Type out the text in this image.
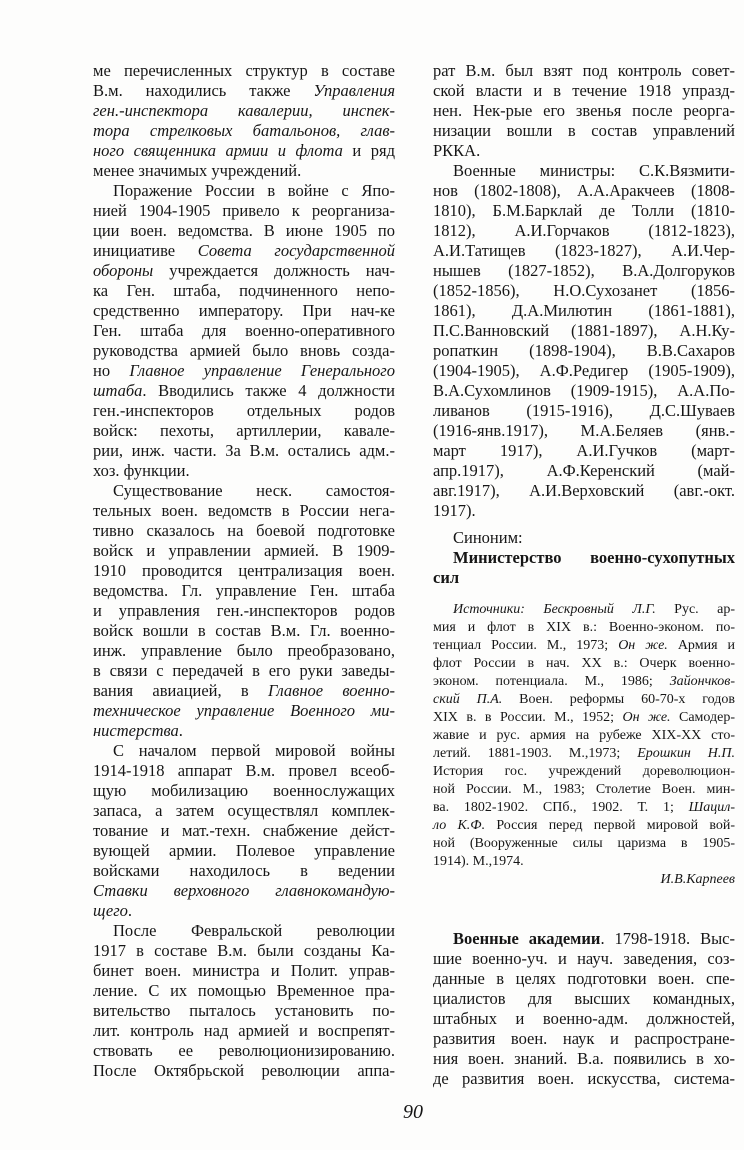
ме перечисленных структур в составе
В.м. находились также Управления
ген.-инспектора кавалерии, инспек-
тора стрелковых батальонов, глав-
ного священника армии и флота и ряд
менее значимых учреждений.
Поражение России в войне с Япо-
нией 1904-1905 привело к реорганиза-
ции воен. ведомства. В июне 1905 по
инициативе Совета государственной
обороны учреждается должность нач-
ка Ген. штаба, подчиненного непо-
средственно императору. При нач-ке
Ген. штаба для военно-оперативного
руководства армией было вновь созда-
но Главное управление Генерального
штаба. Вводились также 4 должности
ген.-инспекторов отдельных родов
войск: пехоты, артиллерии, кавале-
рии, инж. части. За В.м. остались адм.-
хоз. функции.
Существование неск. самостоя-
тельных воен. ведомств в России нега-
тивно сказалось на боевой подготовке
войск и управлении армией. В 1909-
1910 проводится централизация воен.
ведомства. Гл. управление Ген. штаба
и управления ген.-инспекторов родов
войск вошли в состав В.м. Гл. военно-
инж. управление было преобразовано,
в связи с передачей в его руки заведы-
вания авиацией, в Главное военно-
техническое управление Военного ми-
нистерства.
С началом первой мировой войны
1914-1918 аппарат В.м. провел всеоб-
щую мобилизацию военнослужащих
запаса, а затем осуществлял комплек-
тование и мат.-техн. снабжение дейст-
вующей армии. Полевое управление
войсками находилось в ведении
Ставки верховного главнокомандую-
щего.
После Февральской революции
1917 в составе В.м. были созданы Ка-
бинет воен. министра и Полит. управ-
ление. С их помощью Временное пра-
вительство пыталось установить по-
лит. контроль над армией и воспрепят-
ствовать ее революционизированию.
После Октябрьской революции аппа-
рат В.м. был взят под контроль совет-
ской власти и в течение 1918 упразд-
нен. Нек-рые его звенья после реорга-
низации вошли в состав управлений
РККА.
Военные министры: С.К.Вязмити-
нов (1802-1808), А.А.Аракчеев (1808-
1810), Б.М.Барклай де Толли (1810-
1812), А.И.Горчаков (1812-1823),
А.И.Татищев (1823-1827), А.И.Чер-
нышев (1827-1852), В.А.Долгоруков
(1852-1856), Н.О.Сухозанет (1856-
1861), Д.А.Милютин (1861-1881),
П.С.Ванновский (1881-1897), А.Н.Ку-
ропаткин (1898-1904), В.В.Сахаров
(1904-1905), А.Ф.Редигер (1905-1909),
В.А.Сухомлинов (1909-1915), А.А.По-
ливанов (1915-1916), Д.С.Шуваев
(1916-янв.1917), М.А.Беляев (янв.-
март 1917), А.И.Гучков (март-
апр.1917), А.Ф.Керенский (май-
авг.1917), А.И.Верховский (авг.-окт.
1917).
Синоним:
Министерство военно-сухопутных
сил
Источники: Бескровный Л.Г. Рус. ар-
мия и флот в XIX в.: Военно-эконом. по-
тенциал России. М., 1973; Он же. Армия и
флот России в нач. XX в.: Очерк военно-
эконом. потенциала. М., 1986; Зайончков-
ский П.А. Воен. реформы 60-70-х годов
XIX в. в России. М., 1952; Он же. Самодер-
жавие и рус. армия на рубеже XIX-XX сто-
летий. 1881-1903. М.,1973; Ерошкин Н.П.
История гос. учреждений дореволюцион-
ной России. М., 1983; Столетие Воен. мин-
ва. 1802-1902. СПб., 1902. Т. 1; Шацил-
ло К.Ф. Россия перед первой мировой вой-
ной (Вооруженные силы царизма в 1905-
1914). М.,1974.
И.В.Карпеев
Военные академии. 1798-1918. Выс-
шие военно-уч. и науч. заведения, соз-
данные в целях подготовки воен. спе-
циалистов для высших командных,
штабных и военно-адм. должностей,
развития воен. наук и распростране-
ния воен. знаний. В.а. появились в хо-
де развития воен. искусства, система-
90
